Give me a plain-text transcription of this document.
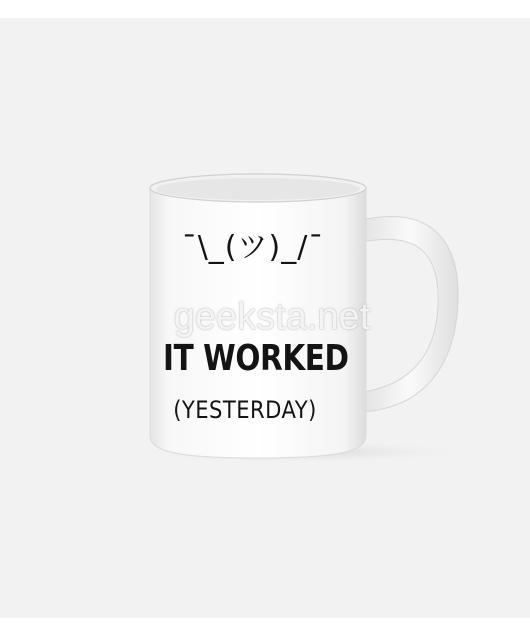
¯\_(ツ)_/¯
geeksta.net
IT WORKED
(YESTERDAY)
